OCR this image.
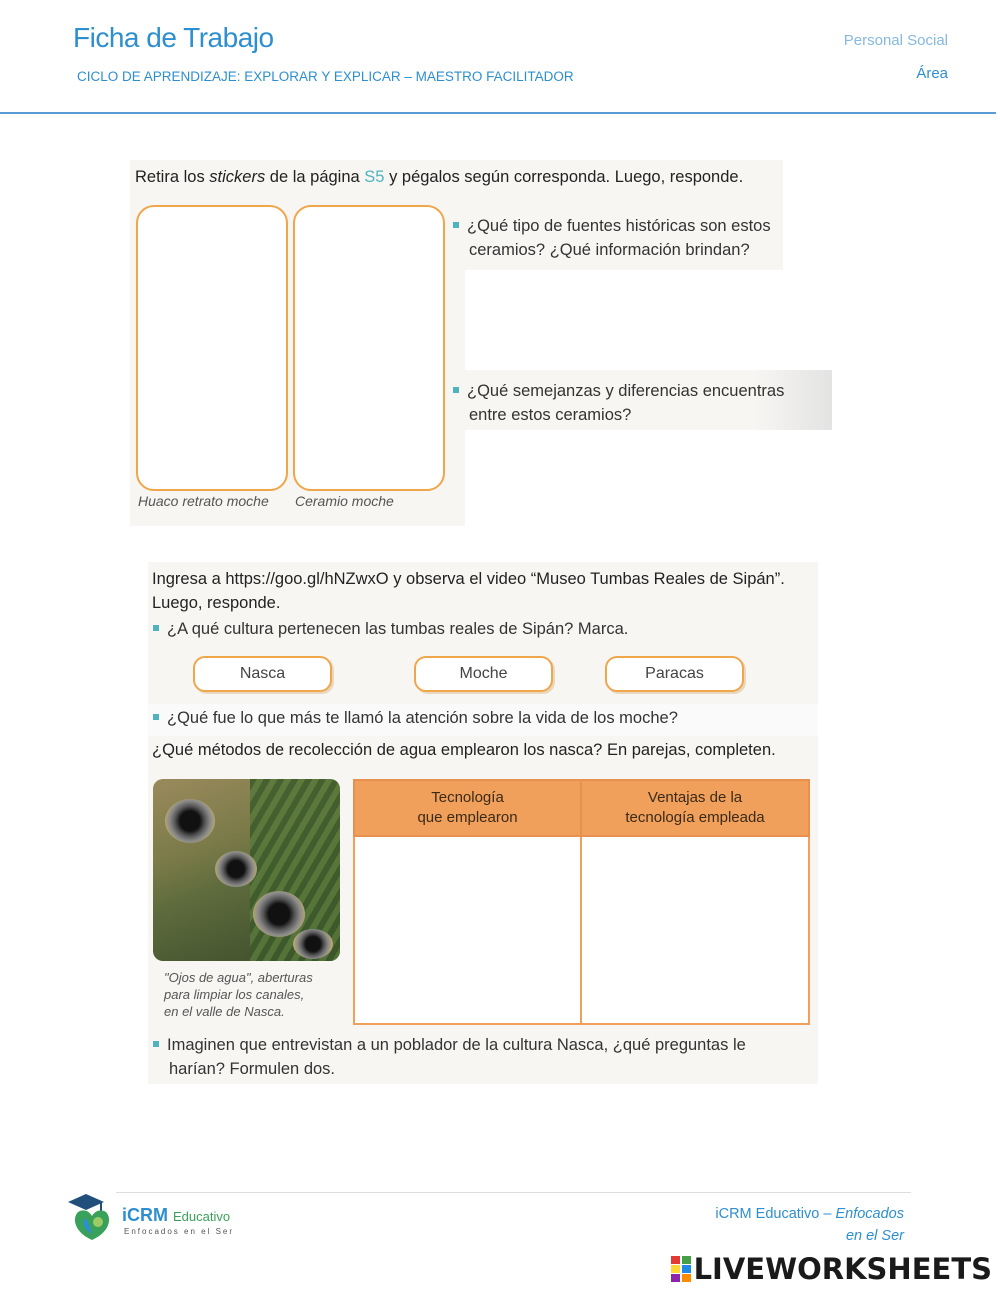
Ficha de Trabajo
CICLO DE APRENDIZAJE: EXPLORAR Y EXPLICAR – MAESTRO FACILITADOR
Personal Social
Área
Retira los stickers de la página S5 y pégalos según corresponda. Luego, responde.
Huaco retrato moche Ceramio moche
¿Qué tipo de fuentes históricas son estos
ceramios? ¿Qué información brindan?
¿Qué semejanzas y diferencias encuentras
entre estos ceramios?
Ingresa a https://goo.gl/hNZwxO y observa el video “Museo Tumbas Reales de Sipán”.
Luego, responde.
¿A qué cultura pertenecen las tumbas reales de Sipán? Marca.
Nasca	Moche	Paracas
¿Qué fue lo que más te llamó la atención sobre la vida de los moche?
¿Qué métodos de recolección de agua emplearon los nasca? En parejas, completen.
"Ojos de agua", aberturas
para limpiar los canales,
en el valle de Nasca.
Tecnología
que emplearon	Ventajas de la
tecnología empleada

Imaginen que entrevistan a un poblador de la cultura Nasca, ¿qué preguntas le
harían? Formulen dos.
iCRM Educativo
Enfocados en el Ser
iCRM Educativo – Enfocados
en el Ser
LIVEWORKSHEETS
